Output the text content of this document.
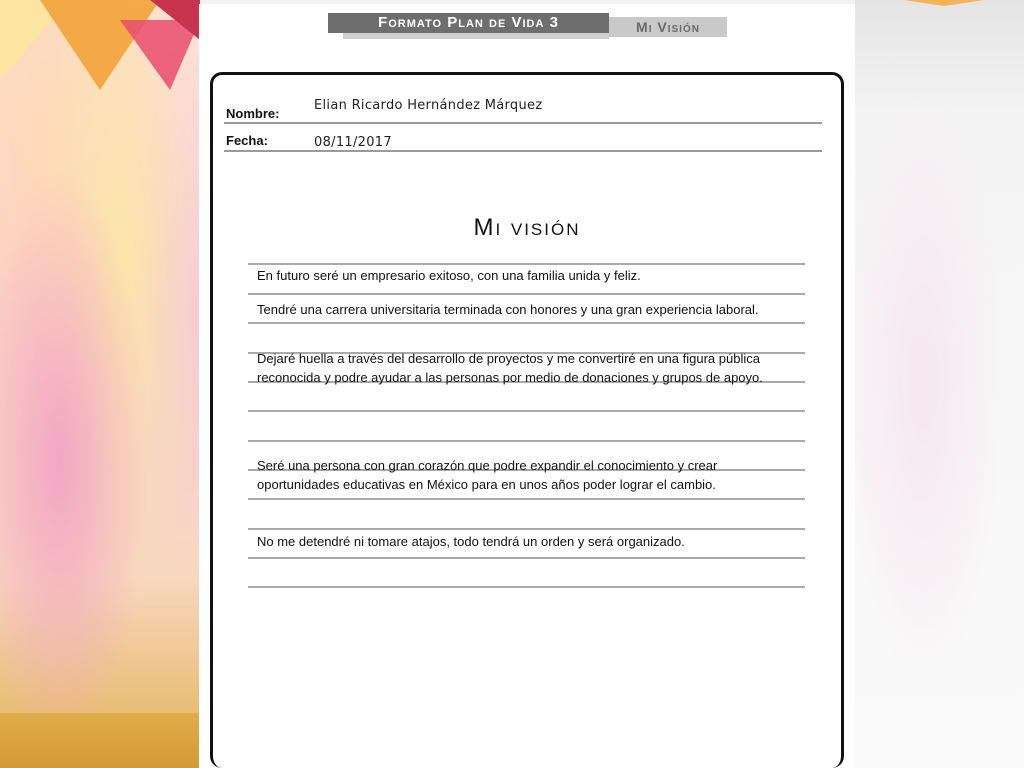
Mi Visión
Formato Plan de Vida 3
Nombre:
Elian Ricardo Hernández Márquez
Fecha:	08/11/2017
Mi visión
En futuro seré un empresario exitoso, con una familia unida y feliz.
Tendré una carrera universitaria terminada con honores y una gran experiencia laboral.
Dejaré huella a través del desarrollo de proyectos y me convertiré en una figura pública reconocida y podre ayudar a las personas por medio de donaciones y grupos de apoyo.
Seré una persona con gran corazón que podre expandir el conocimiento y crear oportunidades educativas en México para en unos años poder lograr el cambio.
No me detendré ni tomare atajos, todo tendrá un orden y será organizado.
